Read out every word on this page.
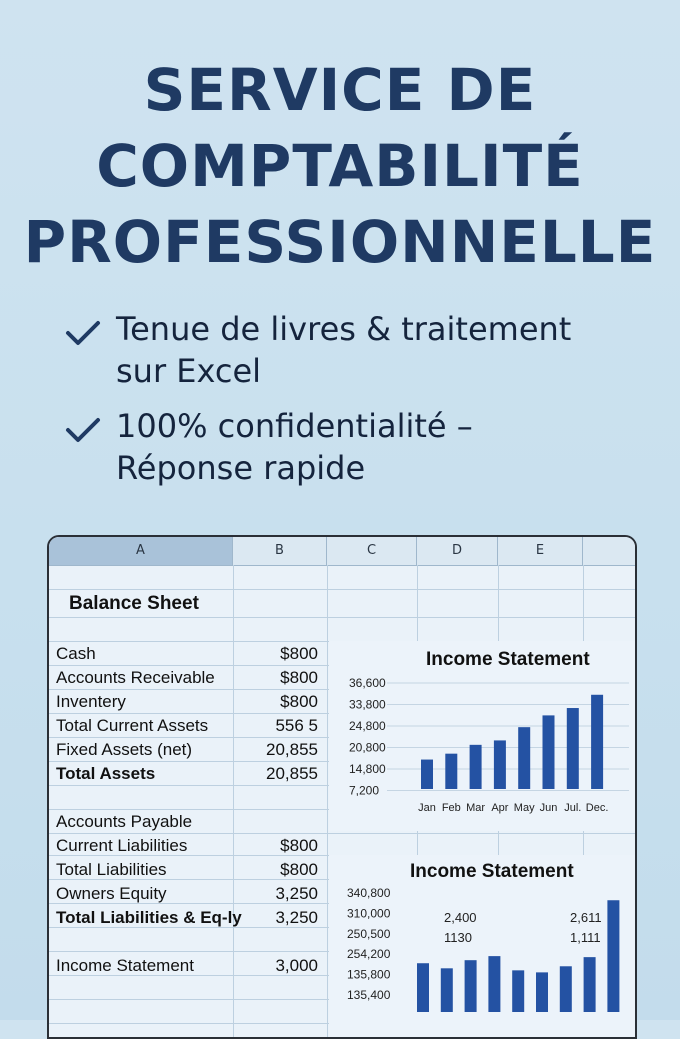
SERVICE DE
COMPTABILITÉ
PROFESSIONNELLE
Tenue de livres & traitement
sur Excel
100% confidentialité –
Réponse rapide
A	B	C	D	E
Balance Sheet
Cash	$800
Accounts Receivable	$800
Inventery	$800
Total Current Assets	556 5
Fixed Assets (net)	20,855
Total Assets	20,855
Accounts Payable
Current Liabilities	$800
Total Liabilities	$800
Owners Equity	3,250
Total Liabilities & Eq-ly	3,250
Income Statement	3,000
Income Statement
36,600
33,800
24,800
20,800
14,800
7,200
Jan Feb Mar Apr May Jun Jul. Dec.
Income Statement
340,800
310,000
250,500
254,200
135,800
135,400
2,400
1130
2,611
1,111
